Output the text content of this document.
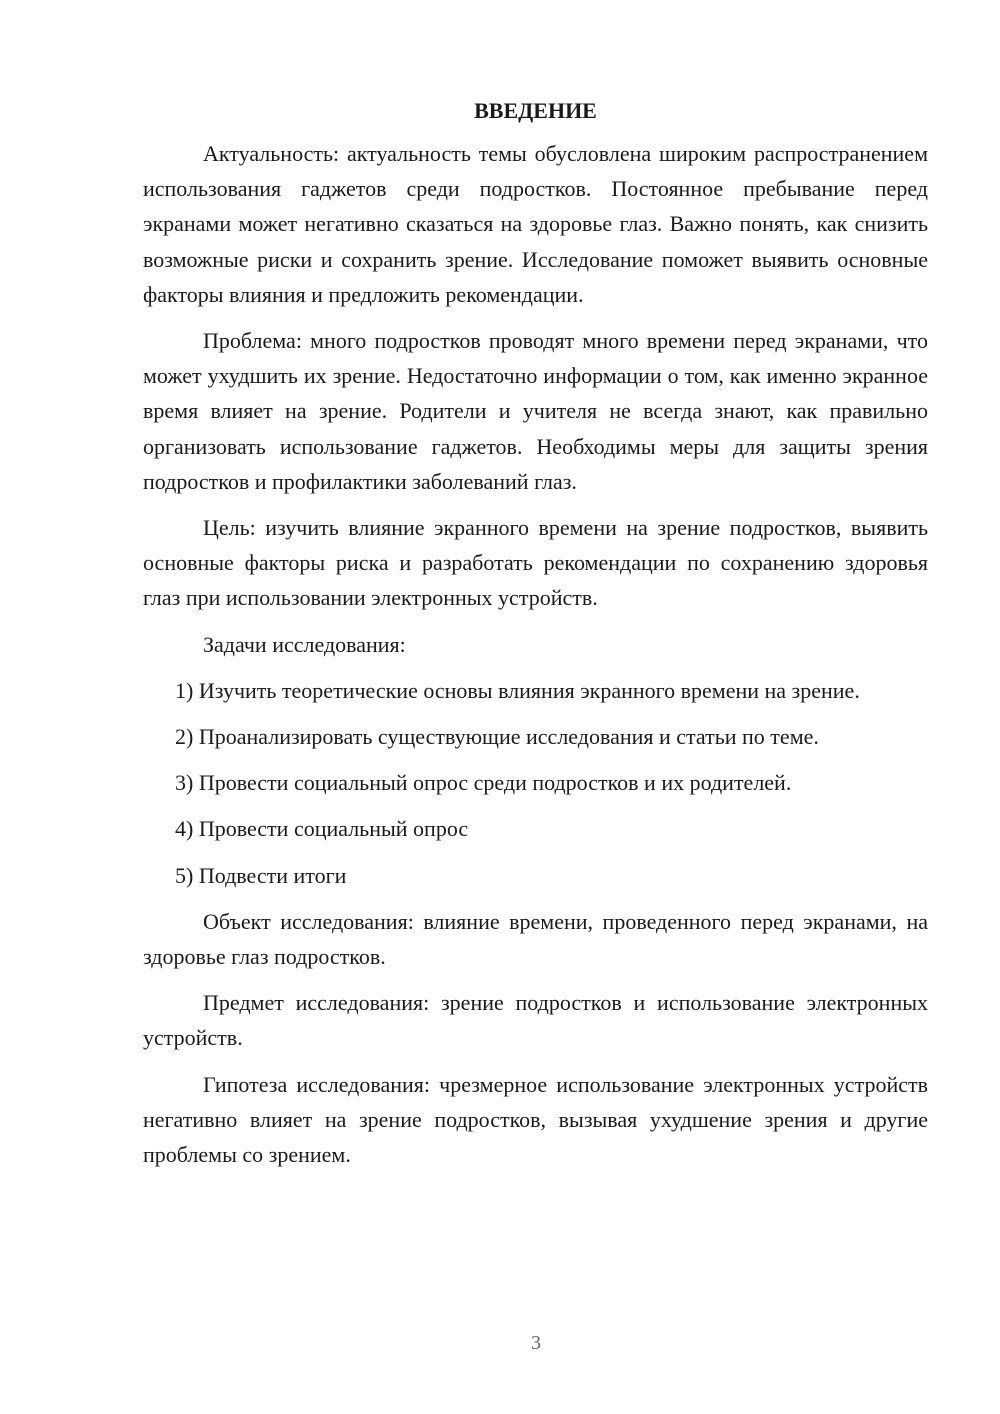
ВВЕДЕНИЕ

Актуальность: актуальность темы обусловлена широким распространением использования гаджетов среди подростков. Постоянное пребывание перед экранами может негативно сказаться на здоровье глаз. Важно понять, как снизить возможные риски и сохранить зрение. Исследование поможет выявить основные факторы влияния и предложить рекомендации.

Проблема: много подростков проводят много времени перед экранами, что может ухудшить их зрение. Недостаточно информации о том, как именно экранное время влияет на зрение. Родители и учителя не всегда знают, как правильно организовать использование гаджетов. Необходимы меры для защиты зрения подростков и профилактики заболеваний глаз.

Цель: изучить влияние экранного времени на зрение подростков, выявить основные факторы риска и разработать рекомендации по сохранению здоровья глаз при использовании электронных устройств.

Задачи исследования:

1) Изучить теоретические основы влияния экранного времени на зрение.

2) Проанализировать существующие исследования и статьи по теме.

3) Провести социальный опрос среди подростков и их родителей.

4) Провести социальный опрос

5) Подвести итоги

Объект исследования: влияние времени, проведенного перед экранами, на здоровье глаз подростков.

Предмет исследования: зрение подростков и использование электронных устройств.

Гипотеза исследования: чрезмерное использование электронных устройств негативно влияет на зрение подростков, вызывая ухудшение зрения и другие проблемы со зрением.

3
